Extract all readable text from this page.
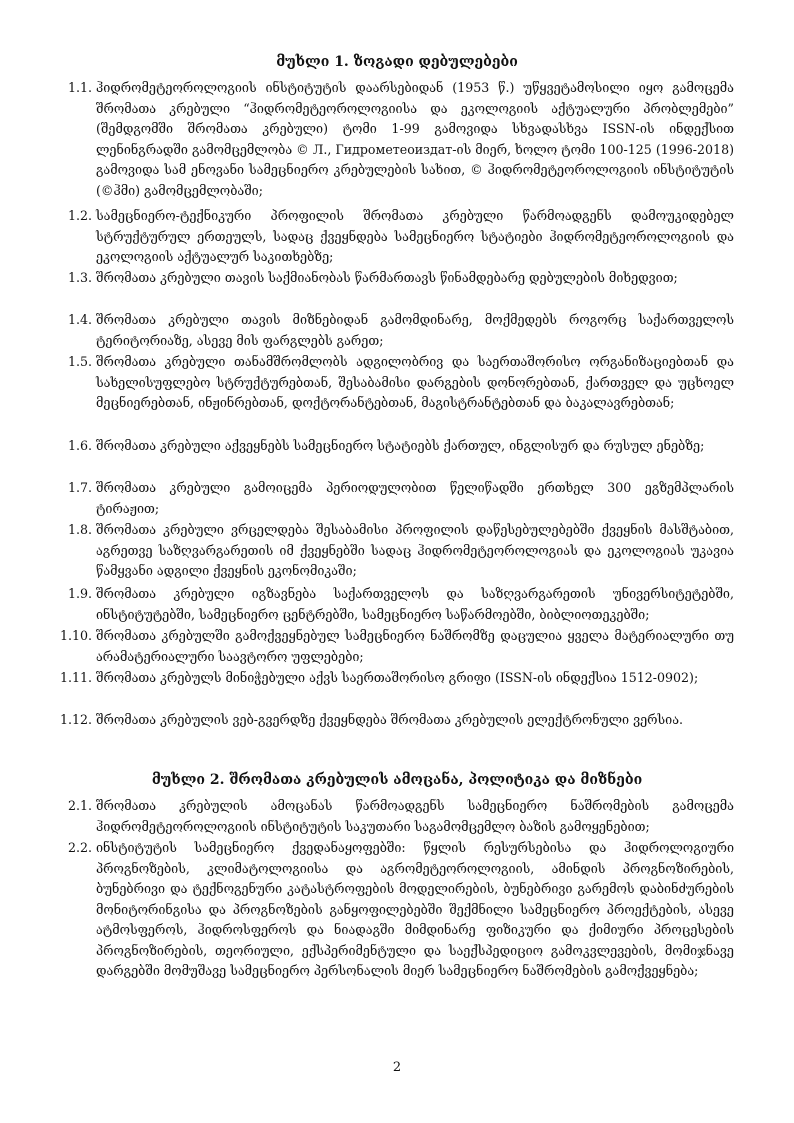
მუხლი 1. ზოგადი დებულებები
1.1. ჰიდრომეტეოროლოგიის ინსტიტუტის დაარსებიდან (1953 წ.) უწყვეტამოსილი იყო გამოცემა შრომათა კრებული “ჰიდრომეტეოროლოგიისა და ეკოლოგიის აქტუალური პრობლემები” (შემდგომში შრომათა კრებული) ტომი 1-99 გამოვიდა სხვადასხვა ISSN-ის ინდექსით ლენინგრადში გამომცემლობა © Л., Гидрометеоиздат-ის მიერ, ხოლო ტომი 100-125 (1996-2018) გამოვიდა სამ ენოვანი სამეცნიერო კრებულების სახით, © ჰიდრომეტეოროლოგიის ინსტიტუტის (©ჰმი) გამომცემლობაში;
1.2. სამეცნიერო-ტექნიკური პროფილის შრომათა კრებული წარმოადგენს დამოუკიდებელ სტრუქტურულ ერთეულს, სადაც ქვეყნდება სამეცნიერო სტატიები ჰიდრომეტეოროლოგიის და ეკოლოგიის აქტუალურ საკითხებზე;
1.3. შრომათა კრებული თავის საქმიანობას წარმართავს წინამდებარე დებულების მიხედვით;
1.4. შრომათა კრებული თავის მიზნებიდან გამომდინარე, მოქმედებს როგორც საქართველოს ტერიტორიაზე, ასევე მის ფარგლებს გარეთ;
1.5. შრომათა კრებული თანამშრომლობს ადგილობრივ და საერთაშორისო ორგანიზაციებთან და სახელისუფლებო სტრუქტურებთან, შესაბამისი დარგების დონორებთან, ქართველ და უცხოელ მეცნიერებთან, ინჟინრებთან, დოქტორანტებთან, მაგისტრანტებთან და ბაკალავრებთან;
1.6. შრომათა კრებული აქვეყნებს სამეცნიერო სტატიებს ქართულ, ინგლისურ და რუსულ ენებზე;
1.7. შრომათა კრებული გამოიცემა პერიოდულობით წელიწადში ერთხელ 300 ეგზემპლარის ტირაჟით;
1.8. შრომათა კრებული ვრცელდება შესაბამისი პროფილის დაწესებულებებში ქვეყნის მასშტაბით, აგრეთვე საზღვარგარეთის იმ ქვეყნებში სადაც ჰიდრომეტეოროლოგიას და ეკოლოგიას უკავია წამყვანი ადგილი ქვეყნის ეკონომიკაში;
1.9. შრომათა კრებული იგზავნება საქართველოს და საზღვარგარეთის უნივერსიტეტებში, ინსტიტუტებში, სამეცნიერო ცენტრებში, სამეცნიერო საწარმოებში, ბიბლიოთეკებში;
1.10. შრომათა კრებულში გამოქვეყნებულ სამეცნიერო ნაშრომზე დაცულია ყველა მატერიალური თუ არამატერიალური საავტორო უფლებები;
1.11. შრომათა კრებულს მინიჭებული აქვს საერთაშორისო გრიფი (ISSN-ის ინდექსია 1512-0902);
1.12. შრომათა კრებულის ვებ-გვერდზე ქვეყნდება შრომათა კრებულის ელექტრონული ვერსია.
მუხლი 2. შრომათა კრებულის ამოცანა, პოლიტიკა და მიზნები
2.1. შრომათა კრებულის ამოცანას წარმოადგენს სამეცნიერო ნაშრომების გამოცემა ჰიდრომეტეოროლოგიის ინსტიტუტის საკუთარი საგამომცემლო ბაზის გამოყენებით;
2.2. ინსტიტუტის სამეცნიერო ქვედანაყოფებში: წყლის რესურსებისა და ჰიდროლოგიური პროგნოზების, კლიმატოლოგიისა და აგრომეტეოროლოგიის, ამინდის პროგნოზირების, ბუნებრივი და ტექნოგენური კატასტროფების მოდელირების, ბუნებრივი გარემოს დაბინძურების მონიტორინგისა და პროგნოზების განყოფილებებში შექმნილი სამეცნიერო პროექტების, ასევე ატმოსფეროს, ჰიდროსფეროს და ნიადაგში მიმდინარე ფიზიკური და ქიმიური პროცესების პროგნოზირების, თეორიული, ექსპერიმენტული და საექსპედიციო გამოკვლევების, მომიჯნავე დარგებში მომუშავე სამეცნიერო პერსონალის მიერ სამეცნიერო ნაშრომების გამოქვეყნება;
2
